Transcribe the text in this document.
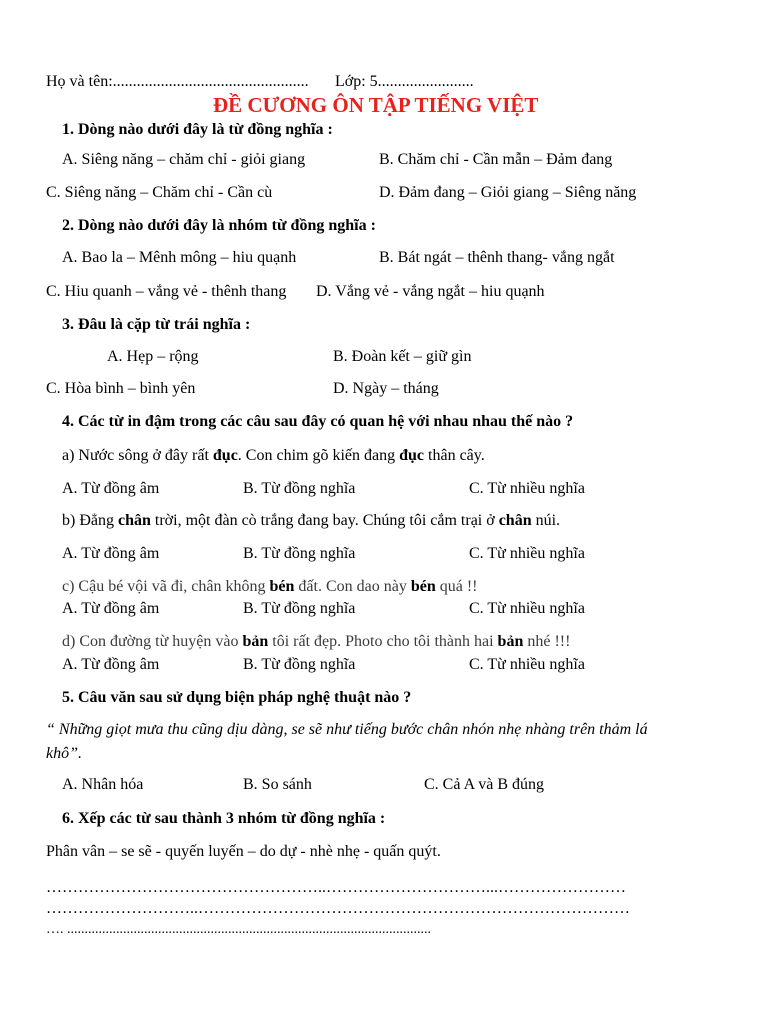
Họ và tên:................................................. Lớp: 5........................
ĐỀ CƯƠNG ÔN TẬP TIẾNG VIỆT
1. Dòng nào dưới đây là từ đồng nghĩa :
A. Siêng năng – chăm chỉ - giỏi giang	B. Chăm chỉ - Cần mẫn – Đảm đang
C. Siêng năng – Chăm chỉ - Cần cù	D. Đảm đang – Giỏi giang – Siêng năng
2. Dòng nào dưới đây là nhóm từ đồng nghĩa :
A. Bao la – Mênh mông – hiu quạnh	B. Bát ngát – thênh thang- vắng ngắt
C. Hiu quanh – vắng vẻ - thênh thang D. Vắng vẻ - vắng ngắt – hiu quạnh
3. Đâu là cặp từ trái nghĩa :
A. Hẹp – rộng	B. Đoàn kết – giữ gìn
C. Hòa bình – bình yên	D. Ngày – tháng
4. Các từ in đậm trong các câu sau đây có quan hệ với nhau nhau thế nào ?
a) Nước sông ở đây rất đục. Con chim gõ kiến đang đục thân cây.
A. Từ đồng âm	B. Từ đồng nghĩa	C. Từ nhiều nghĩa
b) Đẳng chân trời, một đàn cò trắng đang bay. Chúng tôi cắm trại ở chân núi.
A. Từ đồng âm	B. Từ đồng nghĩa	C. Từ nhiều nghĩa
c) Cậu bé vội vã đi, chân không bén đất. Con dao này bén quá !!
A. Từ đồng âm	B. Từ đồng nghĩa	C. Từ nhiều nghĩa
d) Con đường từ huyện vào bản tôi rất đẹp. Photo cho tôi thành hai bản nhé !!!
A. Từ đồng âm	B. Từ đồng nghĩa	C. Từ nhiều nghĩa
5. Câu văn sau sử dụng biện pháp nghệ thuật nào ?
“ Những giọt mưa thu cũng dịu dàng, se sẽ như tiếng bước chân nhón nhẹ nhàng trên thảm lá
khô”.
A. Nhân hóa	B. So sánh	C. Cả A và B đúng
6. Xếp các từ sau thành 3 nhóm từ đồng nghĩa :
Phân vân – se sẽ - quyến luyến – do dự - nhè nhẹ - quấn quýt.
……………………………………………..…………………………...……………………
………………………..………………………………………………………………………
…. ........................................................................................................
